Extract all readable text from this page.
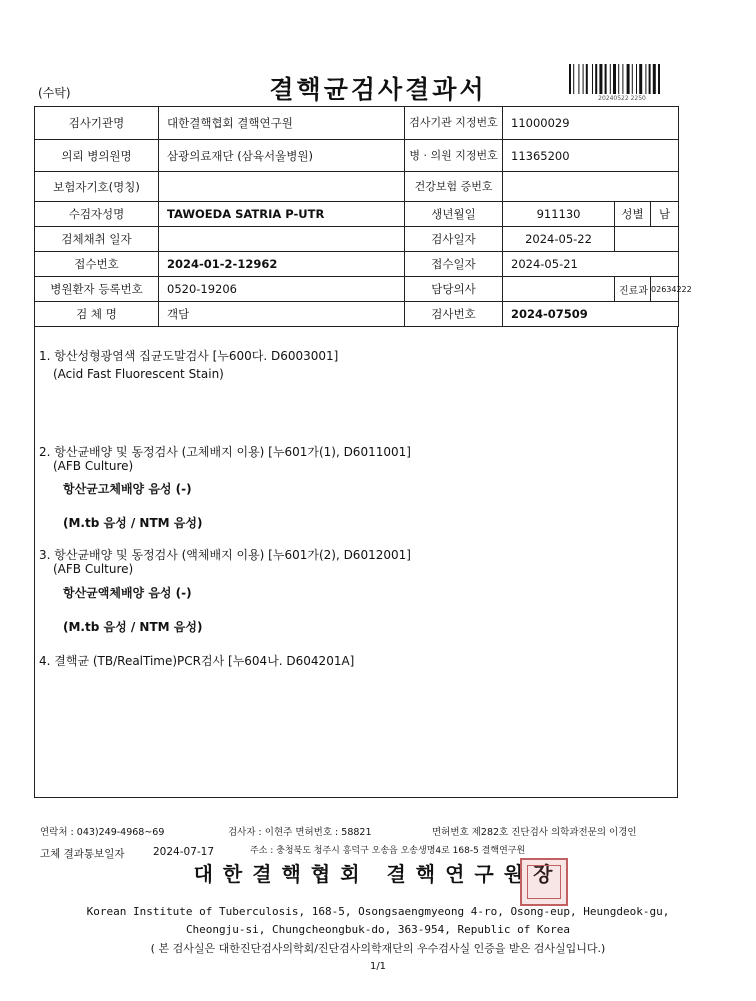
(수탁)	결핵균검사결과서	20240522 2250
검사기관명	대한결핵협회 결핵연구원	검사기관 지정번호	11000029		
의뢰 병의원명	삼광의료재단 (삼육서울병원)	병 · 의원 지정번호	11365200		
보험자기호(명칭)		건강보험 증번호			
수검자성명	TAWOEDA SATRIA P-UTR	생년월일	911130	성별	남
검체채취 일자		검사일자	2024-05-22		
접수번호	2024-01-2-12962	접수일자	2024-05-21		
병원환자 등록번호	0520-19206	담당의사		진료과	02634222
검 체 명	객담	검사번호	2024-07509		
1. 항산성형광염색 집균도말검사 [누600다. D6003001]
(Acid Fast Fluorescent Stain)
2. 항산균배양 및 동정검사 (고체배지 이용) [누601가(1), D6011001]
(AFB Culture)
항산균고체배양 음성 (-)
(M.tb 음성 / NTM 음성)
3. 항산균배양 및 동정검사 (액체배지 이용) [누601가(2), D6012001]
(AFB Culture)
항산균액체배양 음성 (-)
(M.tb 음성 / NTM 음성)
4. 결핵균 (TB/RealTime)PCR검사 [누604나. D604201A]
연락처 : 043)249-4968~69	검사자 : 이현주 면허번호 : 58821	면허번호 제282호 진단검사 의학과전문의 이경인
고체 결과통보일자	2024-07-17	주소 : 충청북도 청주시 흥덕구 오송읍 오송생명4로 168-5 결핵연구원
대한결핵협회 결핵연구원장
Korean Institute of Tuberculosis, 168-5, Osongsaengmyeong 4-ro, Osong-eup, Heungdeok-gu,
Cheongju-si, Chungcheongbuk-do, 363-954, Republic of Korea
( 본 검사실은 대한진단검사의학회/진단검사의학재단의 우수검사실 인증을 받은 검사실입니다.)
1/1
